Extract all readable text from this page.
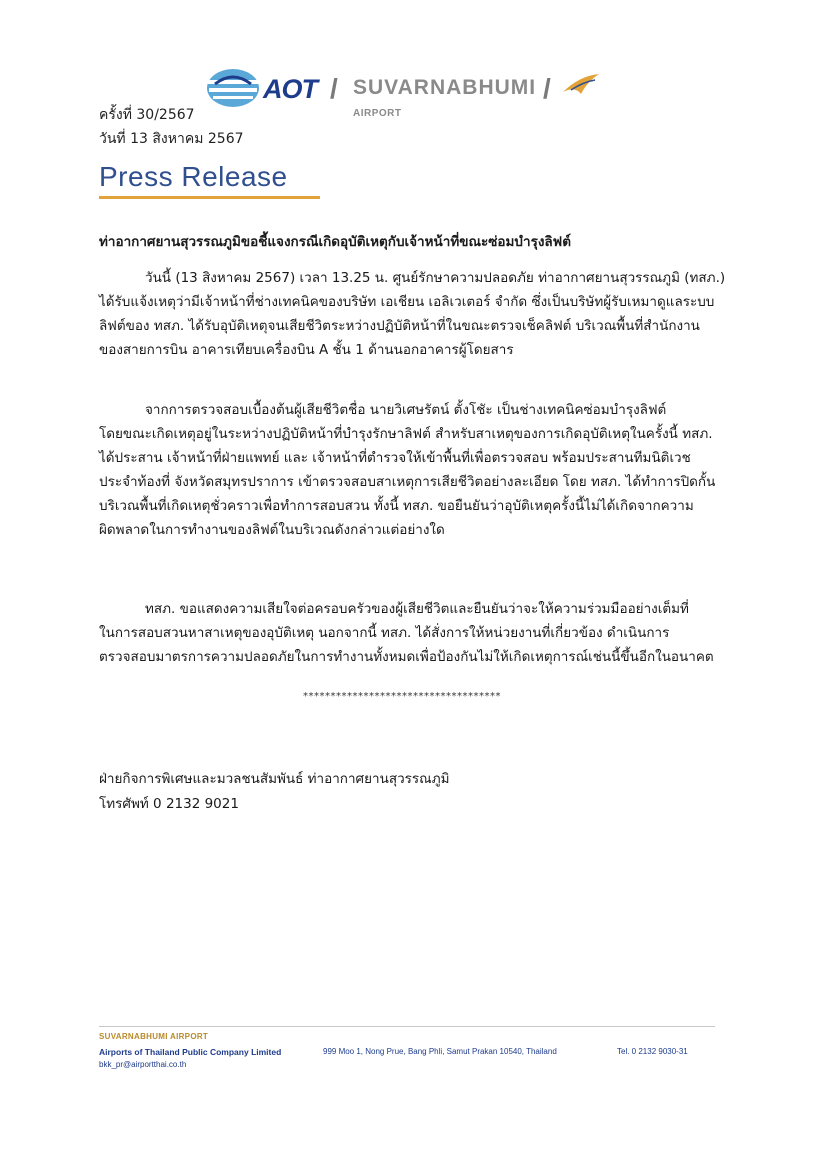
AOT / SUVARNABHUMI /
AIRPORT
ครั้งที่ 30/2567
วันที่ 13 สิงหาคม 2567
Press Release
ท่าอากาศยานสุวรรณภูมิขอชี้แจงกรณีเกิดอุบัติเหตุกับเจ้าหน้าที่ขณะซ่อมบำรุงลิฟต์
วันนี้ (13 สิงหาคม 2567) เวลา 13.25 น. ศูนย์รักษาความปลอดภัย ท่าอากาศยานสุวรรณภูมิ (ทสภ.)
ได้รับแจ้งเหตุว่ามีเจ้าหน้าที่ช่างเทคนิคของบริษัท เอเชียน เอลิเวเตอร์ จำกัด ซึ่งเป็นบริษัทผู้รับเหมาดูแลระบบ
ลิฟต์ของ ทสภ. ได้รับอุบัติเหตุจนเสียชีวิตระหว่างปฏิบัติหน้าที่ในขณะตรวจเช็คลิฟต์ บริเวณพื้นที่สำนักงาน
ของสายการบิน อาคารเทียบเครื่องบิน A ชั้น 1 ด้านนอกอาคารผู้โดยสาร
จากการตรวจสอบเบื้องต้นผู้เสียชีวิตชื่อ นายวิเศษรัตน์ ตั้งโชัะ เป็นช่างเทคนิคซ่อมบำรุงลิฟต์
โดยขณะเกิดเหตุอยู่ในระหว่างปฏิบัติหน้าที่บำรุงรักษาลิฟต์ สำหรับสาเหตุของการเกิดอุบัติเหตุในครั้งนี้ ทสภ.
ได้ประสาน เจ้าหน้าที่ฝ่ายแพทย์ และ เจ้าหน้าที่ตำรวจให้เข้าพื้นที่เพื่อตรวจสอบ พร้อมประสานทีมนิติเวช
ประจำท้องที่ จังหวัดสมุทรปราการ เข้าตรวจสอบสาเหตุการเสียชีวิตอย่างละเอียด โดย ทสภ. ได้ทำการปิดกั้น
บริเวณพื้นที่เกิดเหตุชั่วคราวเพื่อทำการสอบสวน ทั้งนี้ ทสภ. ขอยืนยันว่าอุบัติเหตุครั้งนี้ไม่ได้เกิดจากความ
ผิดพลาดในการทำงานของลิฟต์ในบริเวณดังกล่าวแต่อย่างใด
ทสภ. ขอแสดงความเสียใจต่อครอบครัวของผู้เสียชีวิตและยืนยันว่าจะให้ความร่วมมืออย่างเต็มที่
ในการสอบสวนหาสาเหตุของอุบัติเหตุ นอกจากนี้ ทสภ. ได้สั่งการให้หน่วยงานที่เกี่ยวข้อง ดำเนินการ
ตรวจสอบมาตรการความปลอดภัยในการทำงานทั้งหมดเพื่อป้องกันไม่ให้เกิดเหตุการณ์เช่นนี้ขึ้นอีกในอนาคต
************************************
ฝ่ายกิจการพิเศษและมวลชนสัมพันธ์ ท่าอากาศยานสุวรรณภูมิ
โทรศัพท์ 0 2132 9021
SUVARNABHUMI AIRPORT
Airports of Thailand Public Company Limited	999 Moo 1, Nong Prue, Bang Phli, Samut Prakan 10540, Thailand	Tel. 0 2132 9030-31
bkk_pr@airportthai.co.th
